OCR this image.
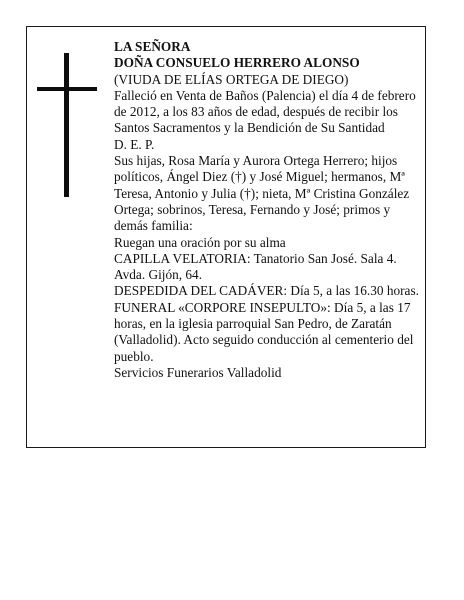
LA SEÑORA
DOÑA CONSUELO HERRERO ALONSO
(VIUDA DE ELÍAS ORTEGA DE DIEGO)
Falleció en Venta de Baños (Palencia) el día 4 de febrero de 2012, a los 83 años de edad, después de recibir los Santos Sacramentos y la Bendición de Su Santidad
D. E. P.
Sus hijas, Rosa María y Aurora Ortega Herrero; hijos políticos, Ángel Diez (†) y José Miguel; hermanos, Mª Teresa, Antonio y Julia (†); nieta, Mª Cristina González Ortega; sobrinos, Teresa, Fernando y José; primos y demás familia:
Ruegan una oración por su alma
CAPILLA VELATORIA: Tanatorio San José. Sala 4. Avda. Gijón, 64.
DESPEDIDA DEL CADÁVER: Día 5, a las 16.30 horas.
FUNERAL «CORPORE INSEPULTO»: Día 5, a las 17 horas, en la iglesia parroquial San Pedro, de Zaratán (Valladolid). Acto seguido conducción al cementerio del pueblo.
Servicios Funerarios Valladolid
